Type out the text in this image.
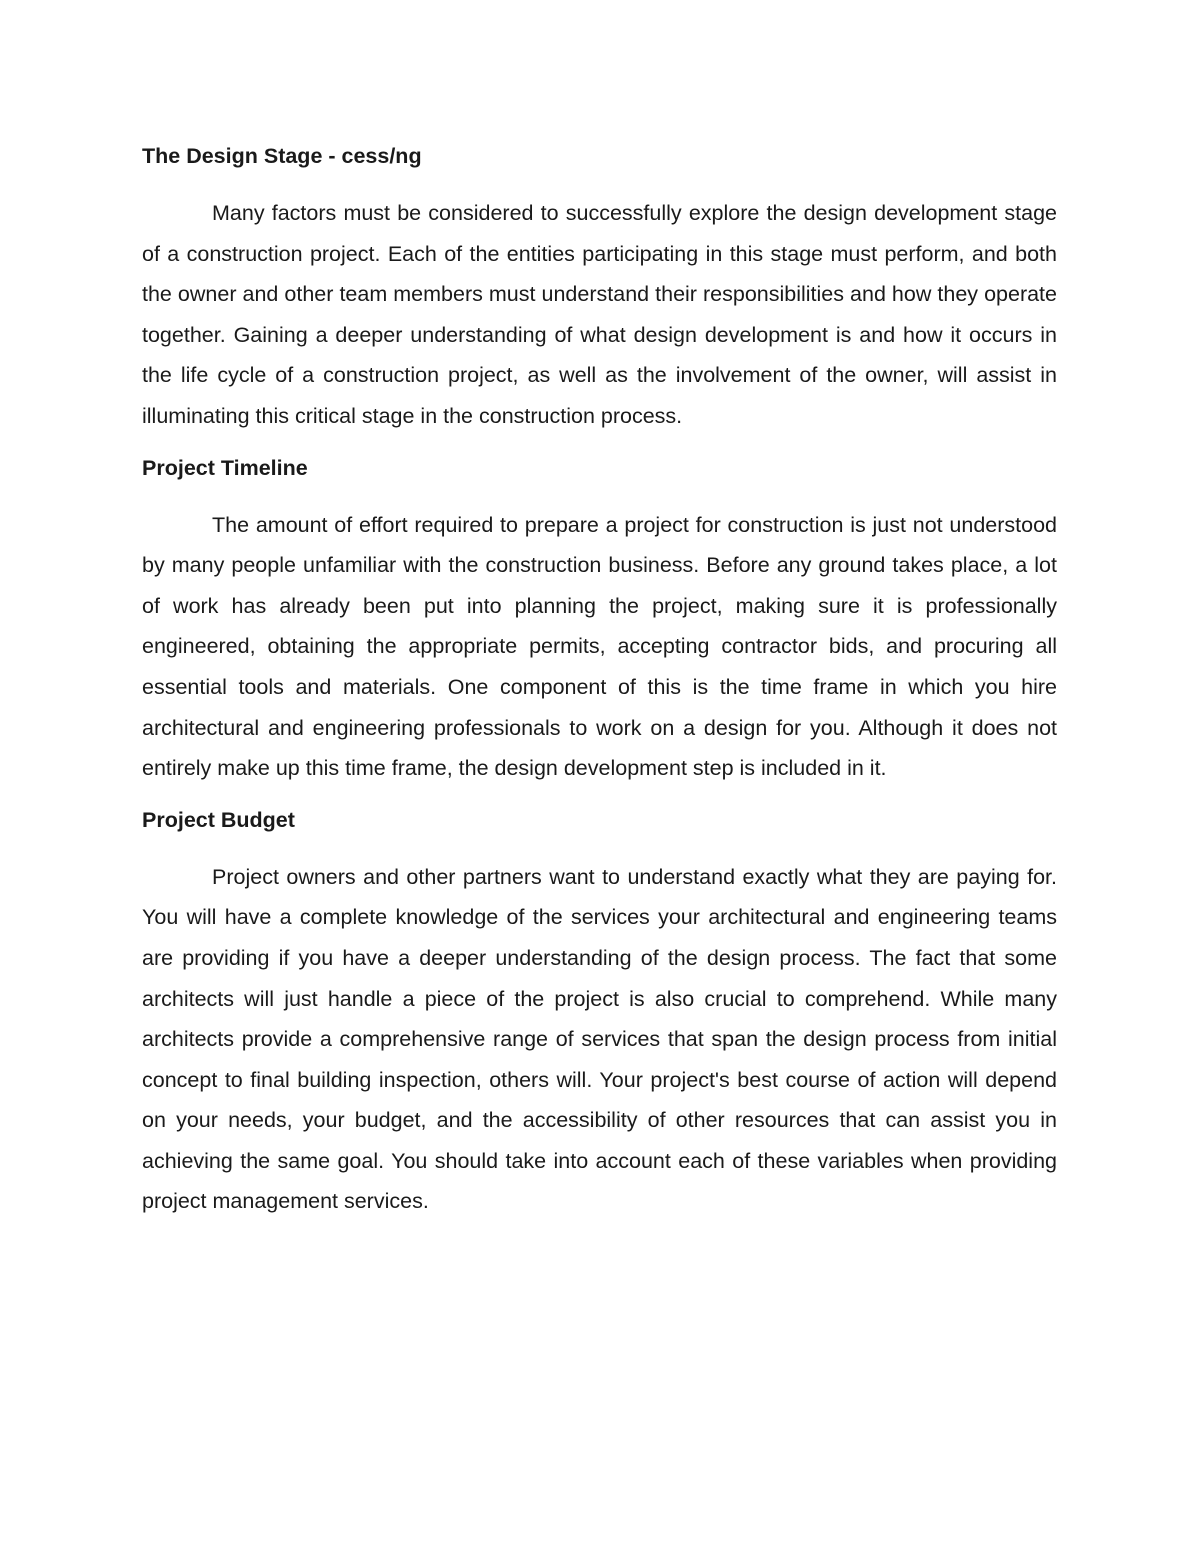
The Design Stage - cess/ng

Many factors must be considered to successfully explore the design development stage of a construction project. Each of the entities participating in this stage must perform, and both the owner and other team members must understand their responsibilities and how they operate together. Gaining a deeper understanding of what design development is and how it occurs in the life cycle of a construction project, as well as the involvement of the owner, will assist in illuminating this critical stage in the construction process.

Project Timeline

The amount of effort required to prepare a project for construction is just not understood by many people unfamiliar with the construction business. Before any ground takes place, a lot of work has already been put into planning the project, making sure it is professionally engineered, obtaining the appropriate permits, accepting contractor bids, and procuring all essential tools and materials. One component of this is the time frame in which you hire architectural and engineering professionals to work on a design for you. Although it does not entirely make up this time frame, the design development step is included in it.

Project Budget

Project owners and other partners want to understand exactly what they are paying for. You will have a complete knowledge of the services your architectural and engineering teams are providing if you have a deeper understanding of the design process. The fact that some architects will just handle a piece of the project is also crucial to comprehend. While many architects provide a comprehensive range of services that span the design process from initial concept to final building inspection, others will. Your project's best course of action will depend on your needs, your budget, and the accessibility of other resources that can assist you in achieving the same goal. You should take into account each of these variables when providing project management services.
